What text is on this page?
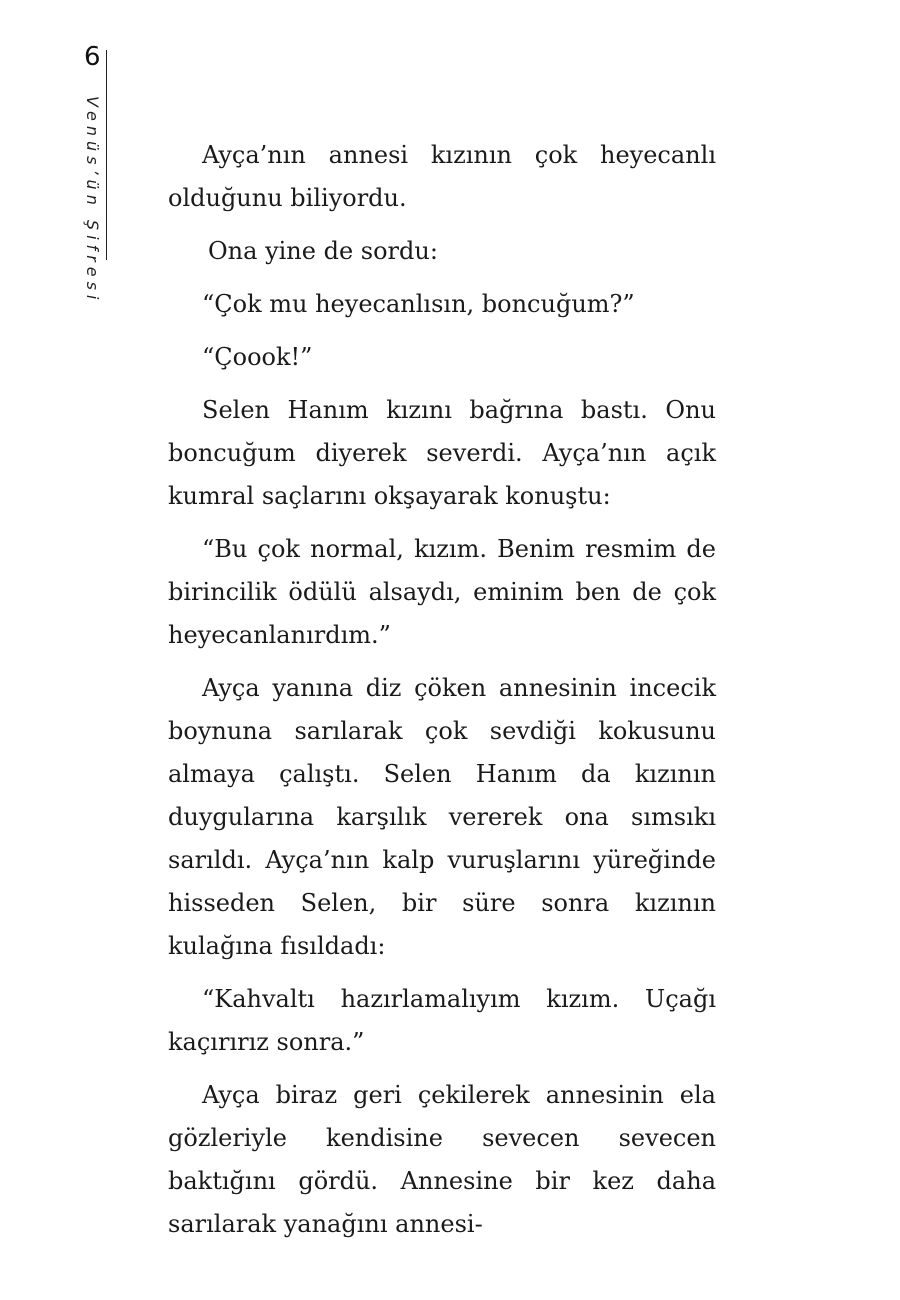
6
Venüs’ün Şifresi	Ayça’nın annesi kızının çok heyecanlı olduğunu biliyordu.

Ona yine de sordu:

“Çok mu heyecanlısın, boncuğum?”

“Çoook!”

Selen Hanım kızını bağrına bastı. Onu boncuğum diyerek severdi. Ayça’nın açık kumral saçlarını okşayarak konuştu:

“Bu çok normal, kızım. Benim resmim de birincilik ödülü alsaydı, eminim ben de çok heyecanlanırdım.”

Ayça yanına diz çöken annesinin incecik boynuna sarılarak çok sevdiği kokusunu almaya çalıştı. Selen Hanım da kızının duygularına karşılık vererek ona sımsıkı sarıldı. Ayça’nın kalp vuruşlarını yüreğinde hisseden Selen, bir süre sonra kızının kulağına fısıldadı:

“Kahvaltı hazırlamalıyım kızım. Uçağı kaçırırız sonra.”

Ayça biraz geri çekilerek annesinin ela gözleriyle kendisine sevecen sevecen baktığını gördü. Annesine bir kez daha sarılarak yanağını annesi-
